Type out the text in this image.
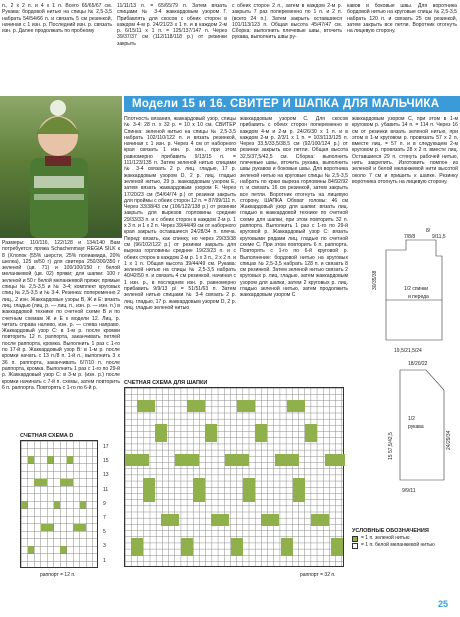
п., 2 х 2 п. и 4 х 1 п. Всего 65/65/67 см. Рукава: бордовой нитью на спицы № 2,5-3,5 набрать 54/54/66 п. и связать 5 см резинкой, начиная с 1 изн. р. Последний изн. р. связать изн. р. Далее продолжать по пробному
11/11/13 п. = 65/65/79 п. Затем вязать спицами № 3-4 жаккардовым узором Г. Прибавлять для скосов с обеих сторон в каждом 4-м р. 24/21/23 х 1 п. и в каждом 2-м р. 6/15/11 х 1 п. = 125/137/147 п. Через 39/37/37 см (112/118/118 р.) от резинки закрыть
с обеих сторон 2 п., затем в каждом 2-м р. закрыть 7 раз попеременно по 1 п. и 2 п. (всего 24 п.). Затем закрыть оставшиеся 101/113/123 п. Общая высота 45/47/47 см. Сборка: выполнить плечевые швы, вточить рукава, выполнить швы ру-
кавов и боковые швы. Для воротника бордовой нитью на круговые спицы № 2,5-3,5 набрать 120 п. и связать 25 см резинкой, затем закрыть все петли. Воротник отогнуть на лицевую сторону.
Модели 15 и 16. СВИТЕР И ШАПКА ДЛЯ МАЛЬЧИКА
Размеры: 110/116, 122/128 и 134/140 Вам потребуется: пряжа Schachenmayr REGIA SILK к 8 (Хлопок (55% шерсти, 25% полиамида, 20% шелка), 125 м/50 г) для свитера 250/300/350 г зеленой (цв. 71) и 100/100/150 г белой меланжевой (цв. 02) пряжи; для шапки: 100 г зеленой и 50 г белой меланжевой пряжи; прямые спицы № 2,5-3,5 и № 3-4; комплект круговых спиц № 2,5-3,5 и № 3-4. Резинка: попеременно 2 лиц., 2 изн. Жаккардовые узоры В, Ж и Е: вязать лиц. гладью (лиц. р. — лиц. п., изн. р. — изн. п.) в жаккардовой технике по счетной схеме В и по счетным схемам Ж и Е к модели 12. Лиц. р. читать справа налево, изн. р. — слева направо. Жаккардовый узор С: в 1-м р. после кромки повторить 12 п. раппорта, заканчивать петлей после раппорта, кромка. Выполнить 1 раз с 1-го по 17-й р. Жаккардовый узор В: в 1-м р. после кромки начать с 13 п./8 п. 1-й п., выполнить 3 х 36 п. раппорта, заканчивать 6/7/10 п. после раппорта, кромка. Выполнить 1 раз с 1-го по 29-й р. Жаккардовый узор С: в 3-м р. (изн. р.) после кромки начинать с 7-й п. схемы, затем повторить 6 п. раппорта. Повторять с 1-го по 6-й р.
Плотность вязания, жаккардовый узор, спицы № 3-4: 28 п. x 32 р. = 10 x 10 см. СВИТЕР Спинка: зеленой нитью на спицы № 2,5-3,5 набрать 102/110/122 п. и вязать резинкой, начиная с 1 изн. р. Через 4 см от наборного края связать 1 изн. р. изн., при этом равномерно прибавить 9/13/15 п. = 111/123/135 п. Затем зеленой нитью спицами № 3-4 связать 2 р. лиц. гладью, 17 р. жаккардовым узором D, 2 р. лиц. гладью зеленой нитью, 29 р. жаккардовым узором E, затем вязать жаккардовым узором F. Через 17/20/23 см (54/64/74 р.) от резинки закрыть для проймы с обеих сторон 12 п. = 87/99/111 п. Через 33/38/43 см (106/122/138 р.) от резинки закрыть для вырезов горловины средние 29/33/33 п. и с обеих сторон в каждом 2-м р. 1 х 3 п. и 1 х 2 п. Через 39/44/49 см от наборного края закрыть оставшиеся 24/28/34 п. плеча. Перед: вязать, как спинку, но через 29/33/38 см (96/102/122 р.) от резинки закрыть для выреза горловины средние 19/23/23 п. и с обеих сторон в каждом 2-м р. 1 х 3 п., 2 х 2 п. и 1 х 1 п. Общая высота 39/44/49 см. Рукава: зеленой нитью на спицы № 2,5-3,5 набрать 40/42/50 п. и связать 4 см резинкой, начиная с 1 изн. р., в последнем изн. р. равномерно прибавить 9/9/13 р/ = 51/51/63 п. Затем зеленой нитью спицами № 3-4 связать 2 р. лиц. гладью, 17 р. жаккардовым узором D, 2 р. лиц. гладью зеленой нитью
жаккардовым узором С. Для скосов прибавить с обеих сторон попеременно в каждом 4-м и 2-м р. 24/26/30 х 1 п. и в каждом 2-м р. 2/3/1 х 1 п. = 103/113/125 п. Через 33,5/33,5/38,5 см (92/100/124 р.) от резинки закрыть все петли. Общая высота 32,5/37,5/42,5 см. Сборка: выполнить плечевые швы, вточить рукава, выполнить швы рукавов и боковые швы. Для воротника зеленой нитью на круговые спицы № 2,5-3,5 набрать по краю выреза горловины 84/92/92 п. и связать 16 см резинкой, затем закрыть все петли. Воротник отогнуть на лицевую сторону. ШАПКА Обхват головы: 46 см Жаккардовый узор для шапки: вязать лиц. гладью в жаккардовой технике по счетной схеме для шапки, при этом повторить 32 п. раппорта. Выполнить 1 раз с 1-го по 29-й круговой р. Жаккардовый узор С: вязать круговыми рядами лиц. гладью по счетной схеме С. При этом повторить 6 п. раппорта. Повторять с 1-го по 6-й круговой р. Выполнение: бордовой нитью на круговых спицах № 2,5-3,5 набрать 128 п. и связать 8 см резинкой. Затем зеленой нитью связать 2 круговых р. лиц. гладью, затем жаккардовым узором для шапки, затем 2 круговых р. лиц. гладью зеленой нитью, затем продолжить жаккардовым узором С
жаккардовым узором С, при этом в 1-м круговом р. убавить 14 п. = 114 п. Через 16 см от резинки вязать зеленой нитью, при этом в 1-м круговом р. провязать 57 х 2 п. вместе лиц. = 57 п. и в следующем 2-м круговом р. провязать 28 х 2 п. вместе лиц. Оставшиеся 29 п. стянуть рабочей нитью, нить закрепить. Изготовить помпон из зеленой и белой меланжевой нити высотой около 7 см и пришить к шапке. Резинку воротника отогнуть на лицевую сторону.
8/
7/8/8	9/11,5
30/35/38	1/2 спинки
и переда
19,5/21,5/24
18/20/22
1/2
рукава
24/29/34
15 57,5/42,5
9/9/11
СЧЕТНАЯ СХЕМА D
17
15
13
11
9
7
5
3
1
раппорт = 12 п.
СЧЕТНАЯ СХЕМА ДЛЯ ШАПКИ
раппорт = 32 п.
УСЛОВНЫЕ ОБОЗНАЧЕНИЯ
= 1 п. зеленой нитью
= 1 п. белой меланжевой нитью
25
